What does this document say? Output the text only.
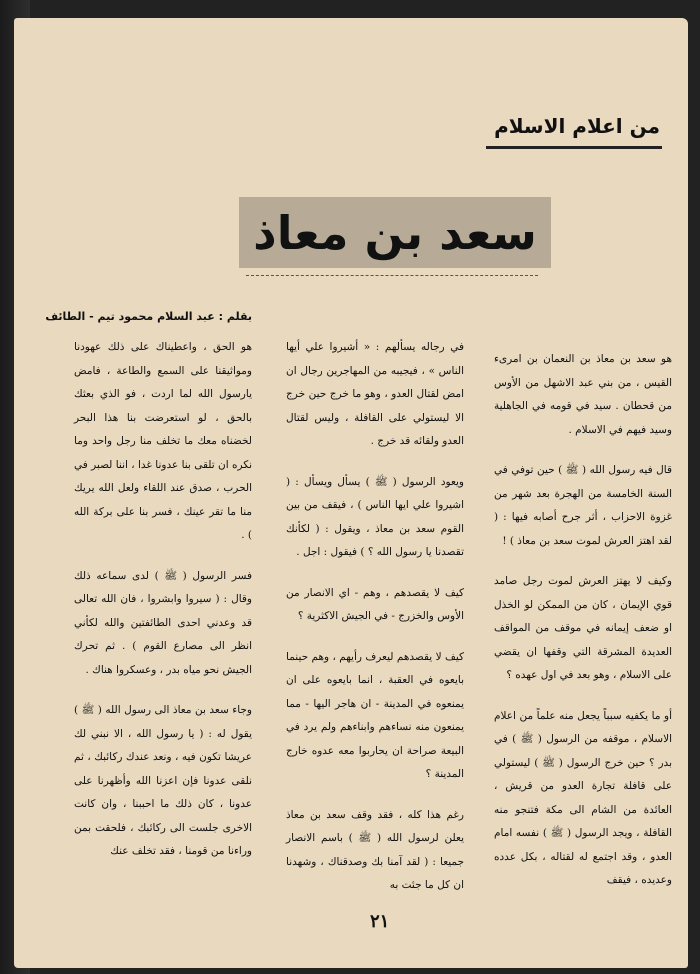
من اعلام الاسلام
سعد بن معاذ
بقلم : عبد السلام محمود تيم - الطائف

هو سعد بن معاذ بن النعمان بن امرىء القيس ، من بني عبد الاشهل من الأوس من قحطان . سيد في قومه في الجاهلية وسيد فيهم في الاسلام .

قال فيه رسول الله ( ﷺ ) حين توفي في السنة الخامسة من الهجرة بعد شهر من غزوة الاحزاب ، أثر جرح أصابه فيها : ( لقد اهتز العرش لموت سعد بن معاذ ) !

وكيف لا يهتز العرش لموت رجل صامد قوي الإيمان ، كان من الممكن لو الخذل او ضعف إيمانه في موقف من المواقف العديدة المشرقة التي وقفها ان يقضي على الاسلام ، وهو بعد في اول عهده ؟

أو ما يكفيه سبباً يجعل منه علماً من اعلام الاسلام ، موقفه من الرسول ( ﷺ ) في بدر ؟ حين خرج الرسول ( ﷺ ) ليستولي على قافلة تجارة العدو من قريش ، العائدة من الشام الى مكة فتنجو منه القافلة ، ويجد الرسول ( ﷺ ) نفسه امام العدو ، وقد اجتمع له لقتاله ، بكل عدده وعديده ، فيقف

في رجاله يسألهم : « أشيروا علي أيها الناس » ، فيجيبه من المهاجرين رجال ان امض لقتال العدو ، وهو ما خرج حين خرج الا ليستولي على القافلة ، وليس لقتال العدو ولقائه قد خرج .

ويعود الرسول ( ﷺ ) يسأل ويسأل : ( اشيروا علي ايها الناس ) ، فيقف من بين القوم سعد بن معاذ ، ويقول : ( لكأنك تقصدنا يا رسول الله ؟ ) فيقول : اجل .

كيف لا يقصدهم ، وهم - اي الانصار من الأوس والخزرج - في الجيش الاكثرية ؟

كيف لا يقصدهم ليعرف رأيهم ، وهم حينما بايعوه في العقبة ، انما بايعوه على ان يمنعوه في المدينة - ان هاجر اليها - مما يمنعون منه نساءهم وابناءهم ولم يرد في البيعة صراحة ان يحاربوا معه عدوه خارج المدينة ؟

رغم هذا كله ، فقد وقف سعد بن معاذ يعلن لرسول الله ( ﷺ ) باسم الانصار جميعا : ( لقد آمنا بك وصدقناك ، وشهدنا ان كل ما جئت به

هو الحق ، واعطيناك على ذلك عهودنا ومواثيقنا على السمع والطاعة ، فامض يارسول الله لما اردت ، فو الذي بعثك بالحق ، لو استعرضت بنا هذا البحر لخضناه معك ما تخلف منا رجل واحد وما نكره ان تلقى بنا عدونا غدا ، اننا لصبر في الحرب ، صدق عند اللقاء ولعل الله يريك منا ما تقر عينك ، فسر بنا على بركة الله ) .

فسر الرسول ( ﷺ ) لدى سماعه ذلك وقال : ( سيروا وابشروا ، فان الله تعالى قد وعدني احدى الطائفتين والله لكأني انظر الى مصارع القوم ) . ثم تحرك الجيش نحو مياه بدر ، وعسكروا هناك .

وجاء سعد بن معاذ الى رسول الله ( ﷺ ) يقول له : ( يا رسول الله ، الا نبني لك عريشا تكون فيه ، ونعد عندك ركائبك ، ثم نلقى عدونا فإن اعزنا الله وأظهرنا على عدونا ، كان ذلك ما احببنا ، وان كانت الاخرى جلست الى ركائبك ، فلحقت بمن وراءنا من قومنا ، فقد تخلف عنك

٢١
